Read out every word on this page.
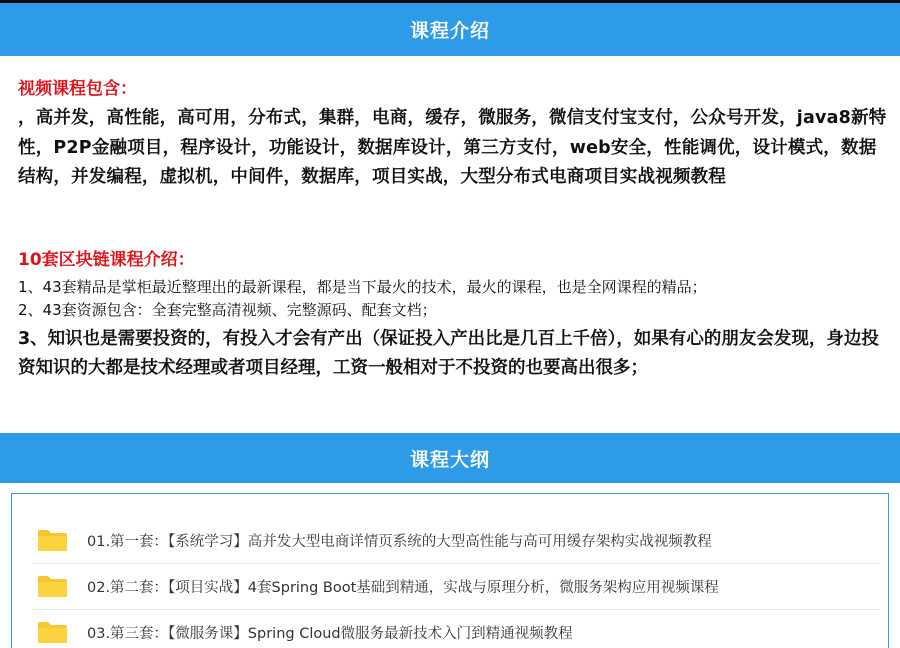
课程介绍
视频课程包含：
，高并发，高性能，高可用，分布式，集群，电商，缓存，微服务，微信支付宝支付，公众号开发，java8新特性，P2P金融项目，程序设计，功能设计，数据库设计，第三方支付，web安全，性能调优，设计模式，数据结构，并发编程，虚拟机，中间件，数据库，项目实战，大型分布式电商项目实战视频教程
10套区块链课程介绍：
1、43套精品是掌柜最近整理出的最新课程，都是当下最火的技术，最火的课程，也是全网课程的精品；
2、43套资源包含：全套完整高清视频、完整源码、配套文档；
3、知识也是需要投资的，有投入才会有产出（保证投入产出比是几百上千倍），如果有心的朋友会发现，身边投资知识的大都是技术经理或者项目经理，工资一般相对于不投资的也要高出很多；
课程大纲
01.第一套：【系统学习】高并发大型电商详情页系统的大型高性能与高可用缓存架构实战视频教程
02.第二套：【项目实战】4套Spring Boot基础到精通，实战与原理分析，微服务架构应用视频课程
03.第三套：【微服务课】Spring Cloud微服务最新技术入门到精通视频教程
